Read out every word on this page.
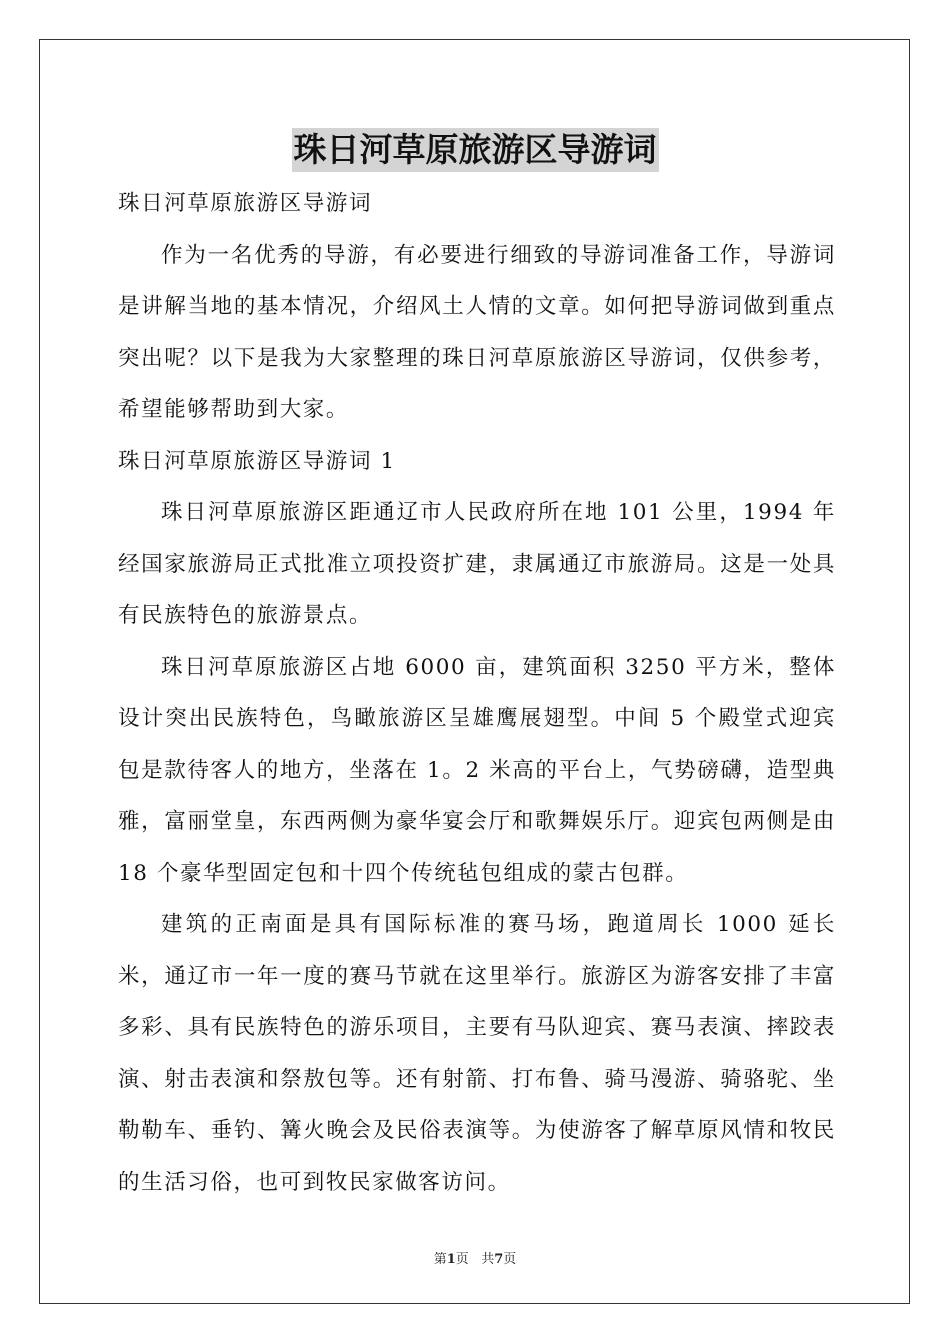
珠日河草原旅游区导游词
珠日河草原旅游区导游词

作为一名优秀的导游，有必要进行细致的导游词准备工作，导游词是讲解当地的基本情况，介绍风土人情的文章。如何把导游词做到重点突出呢？以下是我为大家整理的珠日河草原旅游区导游词，仅供参考，希望能够帮助到大家。

珠日河草原旅游区导游词 1

珠日河草原旅游区距通辽市人民政府所在地 101 公里，1994 年经国家旅游局正式批准立项投资扩建，隶属通辽市旅游局。这是一处具有民族特色的旅游景点。

珠日河草原旅游区占地 6000 亩，建筑面积 3250 平方米，整体设计突出民族特色，鸟瞰旅游区呈雄鹰展翅型。中间 5 个殿堂式迎宾包是款待客人的地方，坐落在 1。2 米高的平台上，气势磅礴，造型典雅，富丽堂皇，东西两侧为豪华宴会厅和歌舞娱乐厅。迎宾包两侧是由 18 个豪华型固定包和十四个传统毡包组成的蒙古包群。

建筑的正南面是具有国际标准的赛马场，跑道周长 1000 延长米，通辽市一年一度的赛马节就在这里举行。旅游区为游客安排了丰富多彩、具有民族特色的游乐项目，主要有马队迎宾、赛马表演、摔跤表演、射击表演和祭敖包等。还有射箭、打布鲁、骑马漫游、骑骆驼、坐勒勒车、垂钓、篝火晚会及民俗表演等。为使游客了解草原风情和牧民的生活习俗，也可到牧民家做客访问。

第1页 共7页
